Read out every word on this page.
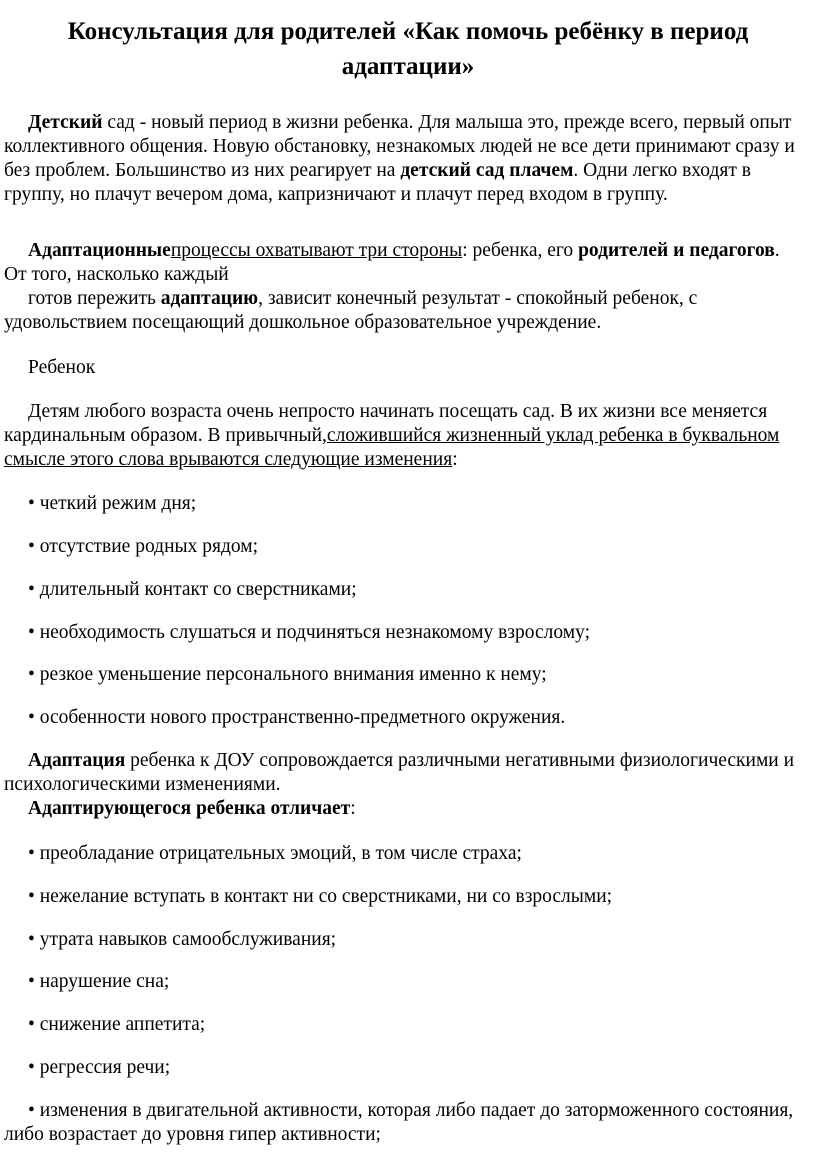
Консультация для родителей «Как помочь ребёнку в период
адаптации»

Детский сад - новый период в жизни ребенка. Для малыша это, прежде всего, первый опыт коллективного общения. Новую обстановку, незнакомых людей не все дети принимают сразу и без проблем. Большинство из них реагирует на детский сад плачем. Одни легко входят в группу, но плачут вечером дома, капризничают и плачут перед входом в группу.

Адаптационныепроцессы охватывают три стороны: ребенка, его родителей и педагогов. От того, насколько каждый

готов пережить адаптацию, зависит конечный результат - спокойный ребенок, с удовольствием посещающий дошкольное образовательное учреждение.

Ребенок

Детям любого возраста очень непросто начинать посещать сад. В их жизни все меняется кардинальным образом. В привычный,сложившийся жизненный уклад ребенка в буквальном смысле этого слова врываются следующие изменения:

• четкий режим дня;
• отсутствие родных рядом;
• длительный контакт со сверстниками;
• необходимость слушаться и подчиняться незнакомому взрослому;
• резкое уменьшение персонального внимания именно к нему;
• особенности нового пространственно-предметного окружения.

Адаптация ребенка к ДОУ сопровождается различными негативными физиологическими и психологическими изменениями.

Адаптирующегося ребенка отличает:

• преобладание отрицательных эмоций, в том числе страха;
• нежелание вступать в контакт ни со сверстниками, ни со взрослыми;
• утрата навыков самообслуживания;
• нарушение сна;
• снижение аппетита;
• регрессия речи;

• изменения в двигательной активности, которая либо падает до заторможенного состояния, либо возрастает до уровня гипер активности;
